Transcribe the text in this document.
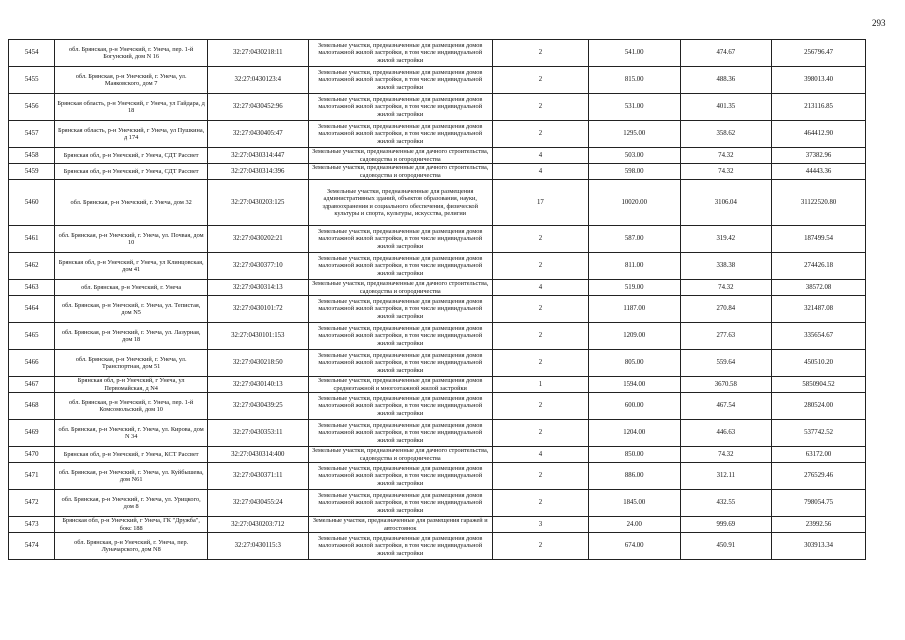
293
5454	обл. Брянская, р-н Унечский, г. Унеча, пер. 1-й Богунский, дом N 16	32:27:0430218:11	Земельные участки, предназначенные для размещения домов малоэтажной жилой застройки, в том числе индивидуальной жилой застройки	2	541.00	474.67	256796.47
5455	обл. Брянская, р-н Унечский, г. Унеча, ул. Маяковского, дом 7	32:27:0430123:4	Земельные участки, предназначенные для размещения домов малоэтажной жилой застройки, в том числе индивидуальной жилой застройки	2	815.00	488.36	398013.40
5456	Брянская область, р-н Унечский, г Унеча, ул Гайдара, д 18	32:27:0430452:96	Земельные участки, предназначенные для размещения домов малоэтажной жилой застройки, в том числе индивидуальной жилой застройки	2	531.00	401.35	213116.85
5457	Брянская область, р-н Унечский, г Унеча, ул Пушкина, д 174	32:27:0430405:47	Земельные участки, предназначенные для размещения домов малоэтажной жилой застройки, в том числе индивидуальной жилой застройки	2	1295.00	358.62	464412.90
5458	Брянская обл, р-н Унечский, г Унеча, СДТ Рассвет	32:27:0430314:447	Земельные участки, предназначенные для дачного строительства, садоводства и огородничества	4	503.00	74.32	37382.96
5459	Брянская обл, р-н Унечский, г Унеча, СДТ Рассвет	32:27:0430314:396	Земельные участки, предназначенные для дачного строительства, садоводства и огородничества	4	598.00	74.32	44443.36
5460	обл. Брянская, р-н Унечский, г. Унеча, дом 32	32:27:0430203:125	Земельные участки, предназначенные для размещения административных зданий, объектов образования, науки, здравоохранения и социального обеспечения, физической культуры и спорта, культуры, искусства, религии	17	10020.00	3106.04	31122520.80
5461	обл. Брянская, р-н Унечский, г. Унеча, ул. Почвая, дом 10	32:27:0430202:21	Земельные участки, предназначенные для размещения домов малоэтажной жилой застройки, в том числе индивидуальной жилой застройки	2	587.00	319.42	187499.54
5462	Брянская обл, р-н Унечский, г Унеча, ул Клинцовская, дом 41	32:27:0430377:10	Земельные участки, предназначенные для размещения домов малоэтажной жилой застройки, в том числе индивидуальной жилой застройки	2	811.00	338.38	274426.18
5463	обл. Брянская, р-н Унечский, г. Унеча	32:27:0430314:13	Земельные участки, предназначенные для дачного строительства, садоводства и огородничества	4	519.00	74.32	38572.08
5464	обл. Брянская, р-н Унечский, г. Унеча, ул. Тепистая, дом N5	32:27:0430101:72	Земельные участки, предназначенные для размещения домов малоэтажной жилой застройки, в том числе индивидуальной жилой застройки	2	1187.00	270.84	321487.08
5465	обл. Брянская, р-н Унечский, г. Унеча, ул. Лазурная, дом 18	32:27:0430101:153	Земельные участки, предназначенные для размещения домов малоэтажной жилой застройки, в том числе индивидуальной жилой застройки	2	1209.00	277.63	335654.67
5466	обл. Брянская, р-н Унечский, г. Унеча, ул. Транспортная, дом 51	32:27:0430218:50	Земельные участки, предназначенные для размещения домов малоэтажной жилой застройки, в том числе индивидуальной жилой застройки	2	805.00	559.64	450510.20
5467	Брянская обл, р-н Унечский, г Унеча, ул Первомайская, д N4	32:27:0430140:13	Земельные участки, предназначенные для размещения домов среднеэтажной и многоэтажной жилой застройки	1	1594.00	3670.58	5850904.52
5468	обл. Брянская, р-н Унечский, г. Унеча, пер. 1-й Комсомольский, дом 10	32:27:0430439:25	Земельные участки, предназначенные для размещения домов малоэтажной жилой застройки, в том числе индивидуальной жилой застройки	2	600.00	467.54	280524.00
5469	обл. Брянская, р-н Унечский, г. Унеча, ул. Кирова, дом N 34	32:27:0430353:11	Земельные участки, предназначенные для размещения домов малоэтажной жилой застройки, в том числе индивидуальной жилой застройки	2	1204.00	446.63	537742.52
5470	Брянская обл, р-н Унечский, г Унеча, КСТ Рассвет	32:27:0430314:400	Земельные участки, предназначенные для дачного строительства, садоводства и огородничества	4	850.00	74.32	63172.00
5471	обл. Брянская, р-н Унечский, г. Унеча, ул. Куйбышева, дом N61	32:27:0430371:11	Земельные участки, предназначенные для размещения домов малоэтажной жилой застройки, в том числе индивидуальной жилой застройки	2	886.00	312.11	276529.46
5472	обл. Брянская, р-н Унечский, г. Унеча, ул. Урицкого, дом 8	32:27:0430455:24	Земельные участки, предназначенные для размещения домов малоэтажной жилой застройки, в том числе индивидуальной жилой застройки	2	1845.00	432.55	798054.75
5473	Брянская обл, р-н Унечский, г Унеча, ГК "Дружба", бокс 188	32:27:0430203:712	Земельные участки, предназначенные для размещения гаражей и автостоянок	3	24.00	999.69	23992.56
5474	обл. Брянская, р-н Унечский, г. Унеча, пер. Луначарского, дом N8	32:27:0430115:3	Земельные участки, предназначенные для размещения домов малоэтажной жилой застройки, в том числе индивидуальной жилой застройки	2	674.00	450.91	303913.34
